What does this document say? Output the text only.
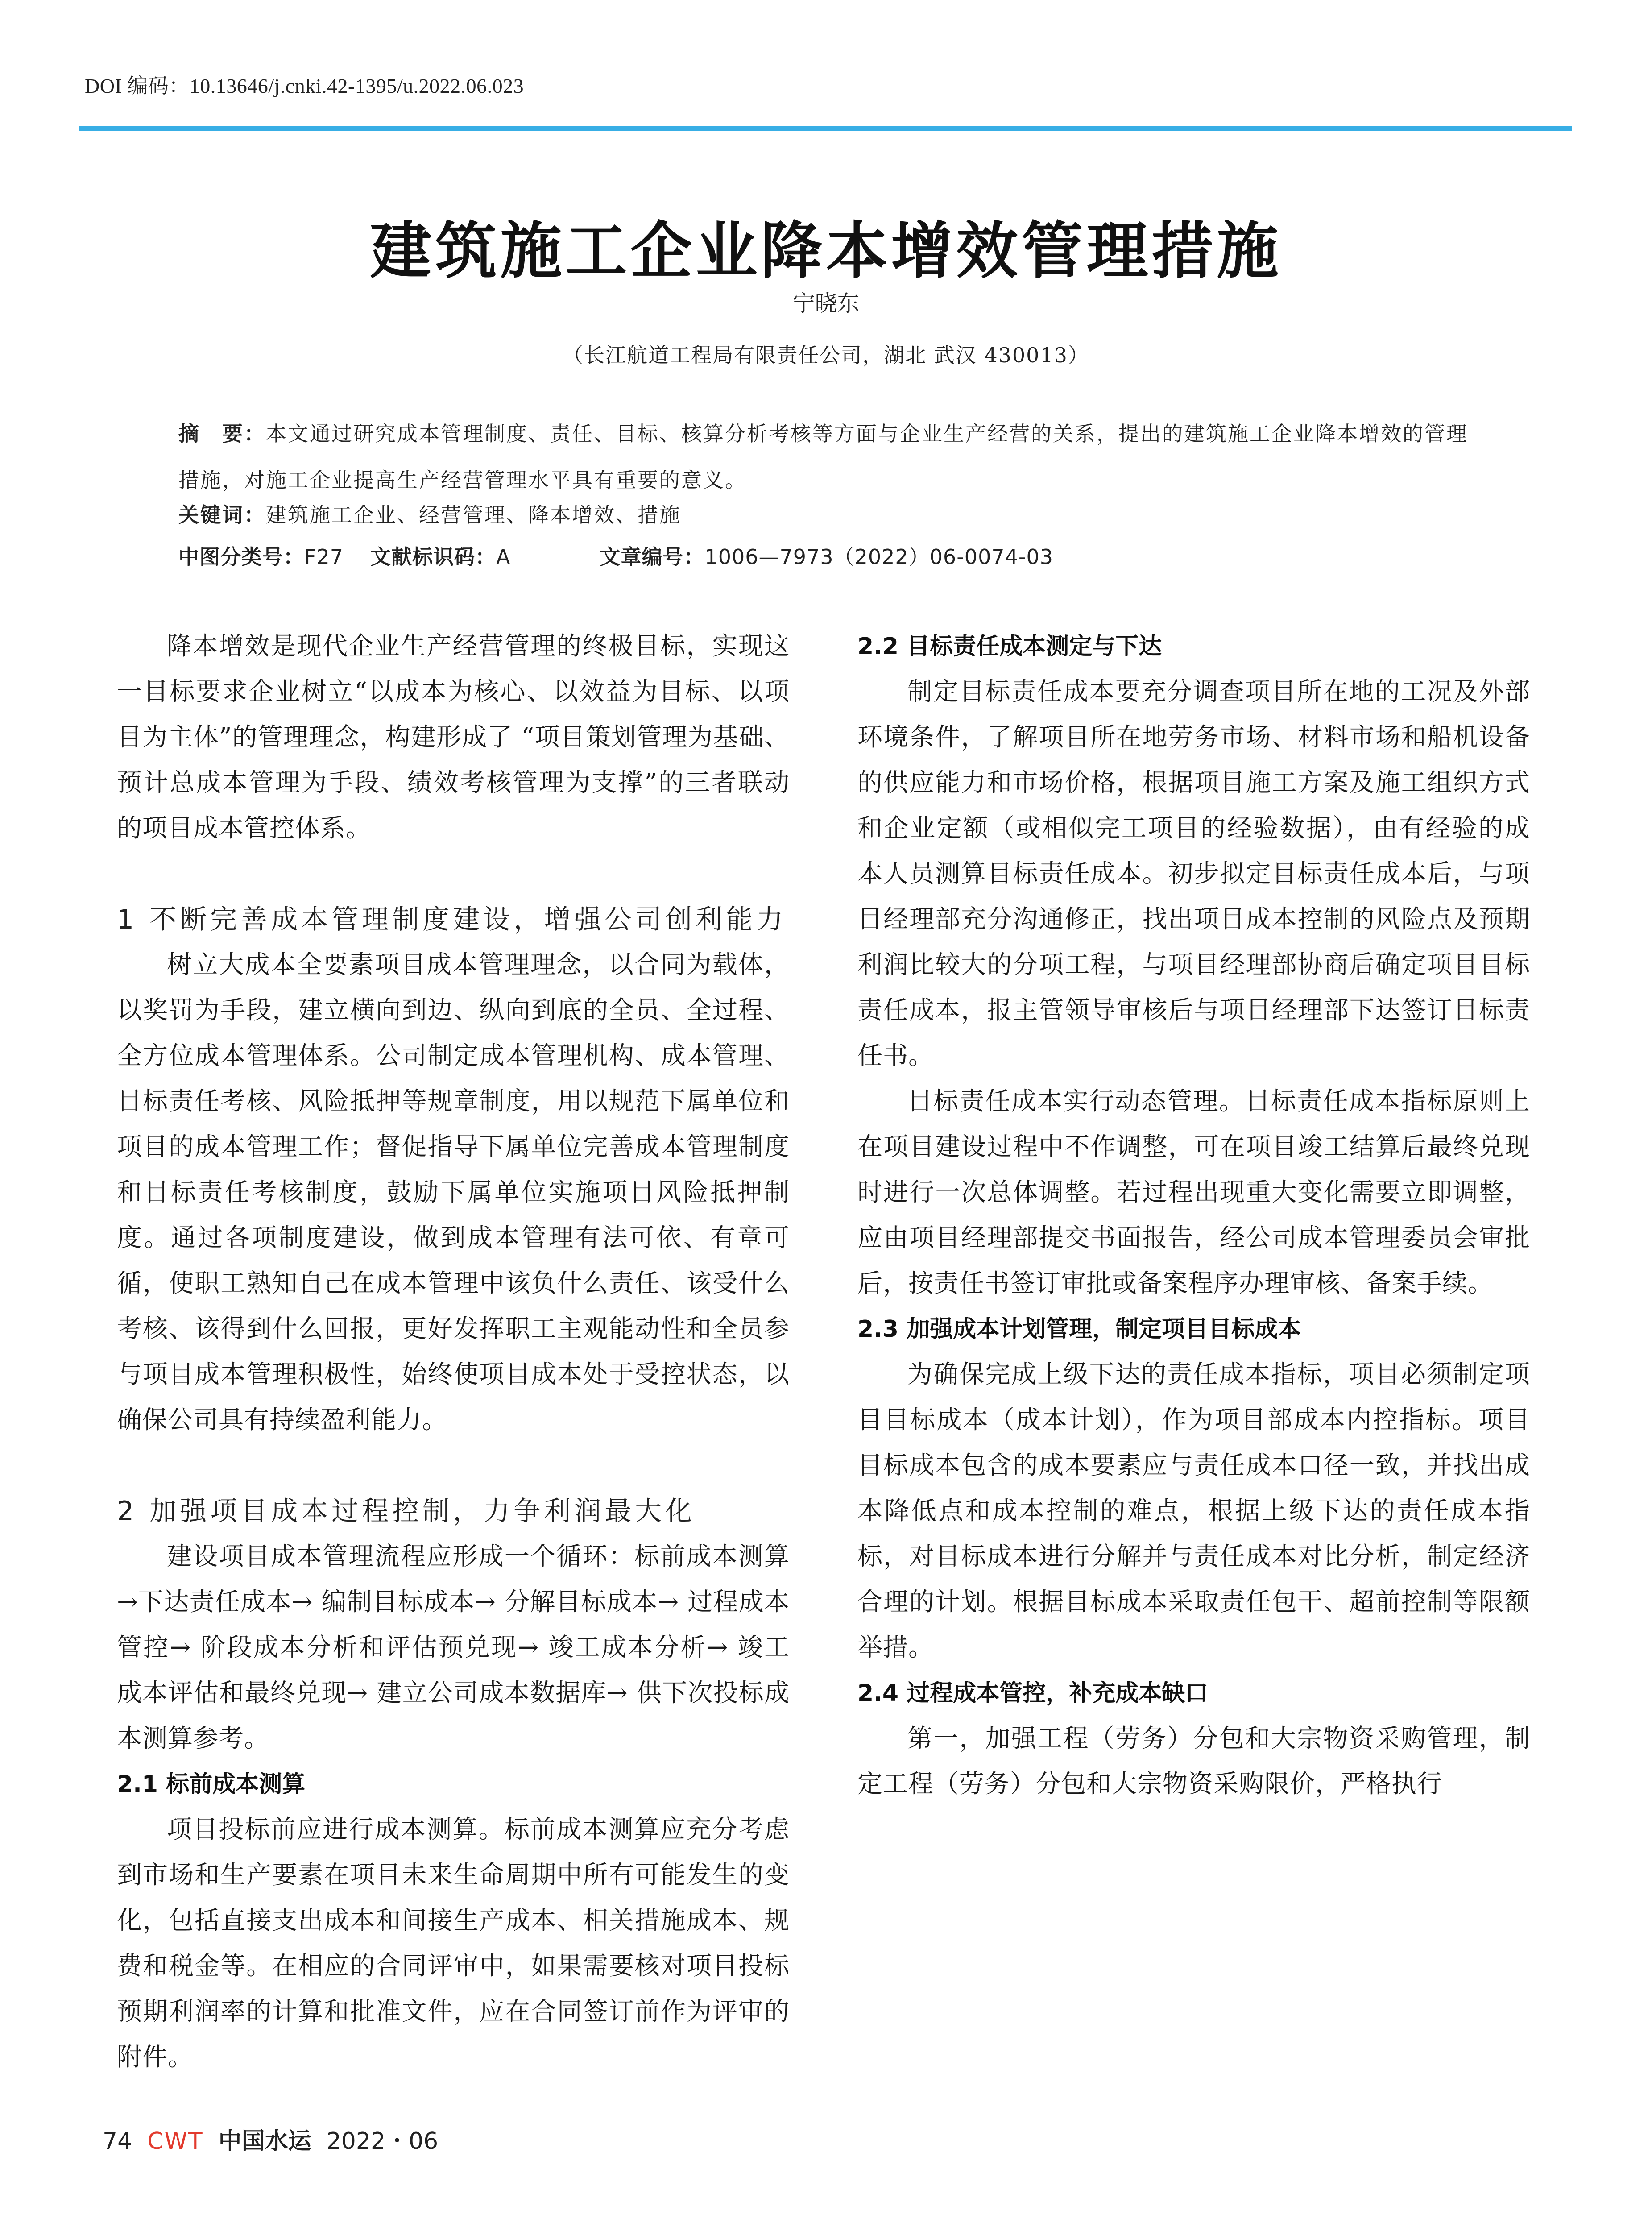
DOI 编码：10.13646/j.cnki.42-1395/u.2022.06.023
建筑施工企业降本增效管理措施
宁晓东
（长江航道工程局有限责任公司，湖北 武汉 430013）
摘　要：本文通过研究成本管理制度、责任、目标、核算分析考核等方面与企业生产经营的关系，提出的建筑施工企业降本增效的管理措施，对施工企业提高生产经营管理水平具有重要的意义。
关键词：建筑施工企业、经营管理、降本增效、措施
中图分类号：F27 文献标识码：A	文章编号：1006—7973（2022）06-0074-03

降本增效是现代企业生产经营管理的终极目标，实现这一目标要求企业树立“以成本为核心、以效益为目标、以项目为主体”的管理理念，构建形成了 “项目策划管理为基础、预计总成本管理为手段、绩效考核管理为支撑”的三者联动的项目成本管控体系。

1 不断完善成本管理制度建设，增强公司创利能力

树立大成本全要素项目成本管理理念，以合同为载体，以奖罚为手段，建立横向到边、纵向到底的全员、全过程、全方位成本管理体系。公司制定成本管理机构、成本管理、目标责任考核、风险抵押等规章制度，用以规范下属单位和项目的成本管理工作；督促指导下属单位完善成本管理制度和目标责任考核制度，鼓励下属单位实施项目风险抵押制度。通过各项制度建设，做到成本管理有法可依、有章可循，使职工熟知自己在成本管理中该负什么责任、该受什么考核、该得到什么回报，更好发挥职工主观能动性和全员参与项目成本管理积极性，始终使项目成本处于受控状态，以确保公司具有持续盈利能力。

2 加强项目成本过程控制，力争利润最大化

建设项目成本管理流程应形成一个循环：标前成本测算→下达责任成本→ 编制目标成本→ 分解目标成本→ 过程成本管控→ 阶段成本分析和评估预兑现→ 竣工成本分析→ 竣工成本评估和最终兑现→ 建立公司成本数据库→ 供下次投标成本测算参考。

2.1 标前成本测算

项目投标前应进行成本测算。标前成本测算应充分考虑到市场和生产要素在项目未来生命周期中所有可能发生的变化，包括直接支出成本和间接生产成本、相关措施成本、规费和税金等。在相应的合同评审中，如果需要核对项目投标预期利润率的计算和批准文件，应在合同签订前作为评审的附件。

2.2 目标责任成本测定与下达

制定目标责任成本要充分调查项目所在地的工况及外部环境条件，了解项目所在地劳务市场、材料市场和船机设备的供应能力和市场价格，根据项目施工方案及施工组织方式和企业定额（或相似完工项目的经验数据），由有经验的成本人员测算目标责任成本。初步拟定目标责任成本后，与项目经理部充分沟通修正，找出项目成本控制的风险点及预期利润比较大的分项工程，与项目经理部协商后确定项目目标责任成本，报主管领导审核后与项目经理部下达签订目标责任书。

目标责任成本实行动态管理。目标责任成本指标原则上在项目建设过程中不作调整，可在项目竣工结算后最终兑现时进行一次总体调整。若过程出现重大变化需要立即调整，应由项目经理部提交书面报告，经公司成本管理委员会审批后，按责任书签订审批或备案程序办理审核、备案手续。

2.3 加强成本计划管理，制定项目目标成本

为确保完成上级下达的责任成本指标，项目必须制定项目目标成本（成本计划），作为项目部成本内控指标。项目目标成本包含的成本要素应与责任成本口径一致，并找出成本降低点和成本控制的难点，根据上级下达的责任成本指标，对目标成本进行分解并与责任成本对比分析，制定经济合理的计划。根据目标成本采取责任包干、超前控制等限额举措。

2.4 过程成本管控，补充成本缺口

第一，加强工程（劳务）分包和大宗物资采购管理，制定工程（劳务）分包和大宗物资采购限价，严格执行

74 CWT 中国水运 2022・06
